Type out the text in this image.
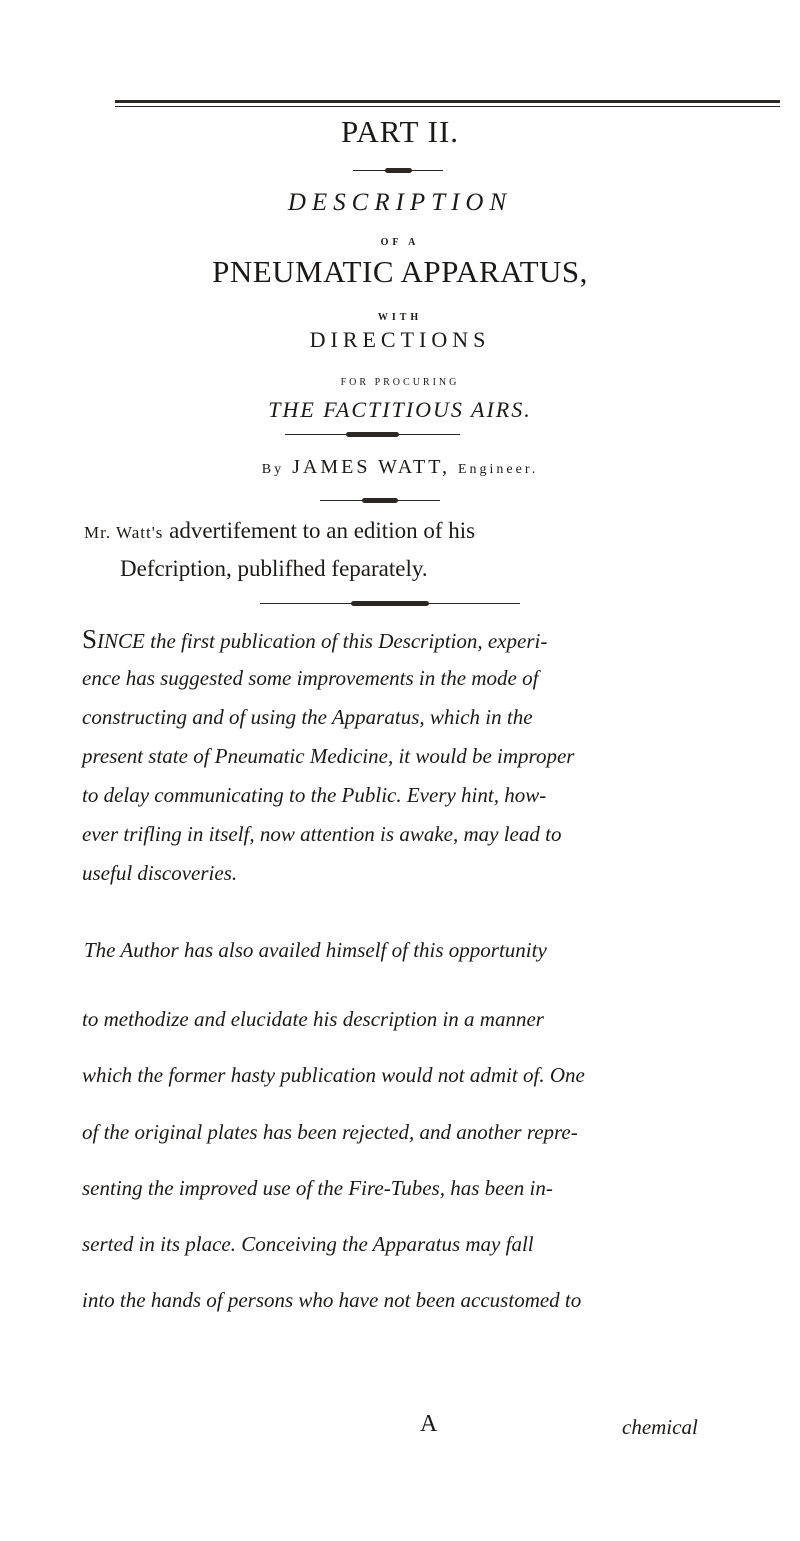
PART II.
DESCRIPTION
OF A
PNEUMATIC APPARATUS,
WITH
DIRECTIONS
FOR PROCURING
THE FACTITIOUS AIRS.
By JAMES WATT, Engineer.
Mr. Watt's advertifement to an edition of his
Defcription, publifhed feparately.
SINCE the first publication of this Description, experi-
ence has suggested some improvements in the mode of
constructing and of using the Apparatus, which in the
present state of Pneumatic Medicine, it would be improper
to delay communicating to the Public. Every hint, how-
ever trifling in itself, now attention is awake, may lead to
useful discoveries.
The Author has also availed himself of this opportunity
to methodize and elucidate his description in a manner
which the former hasty publication would not admit of. One
of the original plates has been rejected, and another repre-
senting the improved use of the Fire-Tubes, has been in-
serted in its place. Conceiving the Apparatus may fall
into the hands of persons who have not been accustomed to
A	chemical
